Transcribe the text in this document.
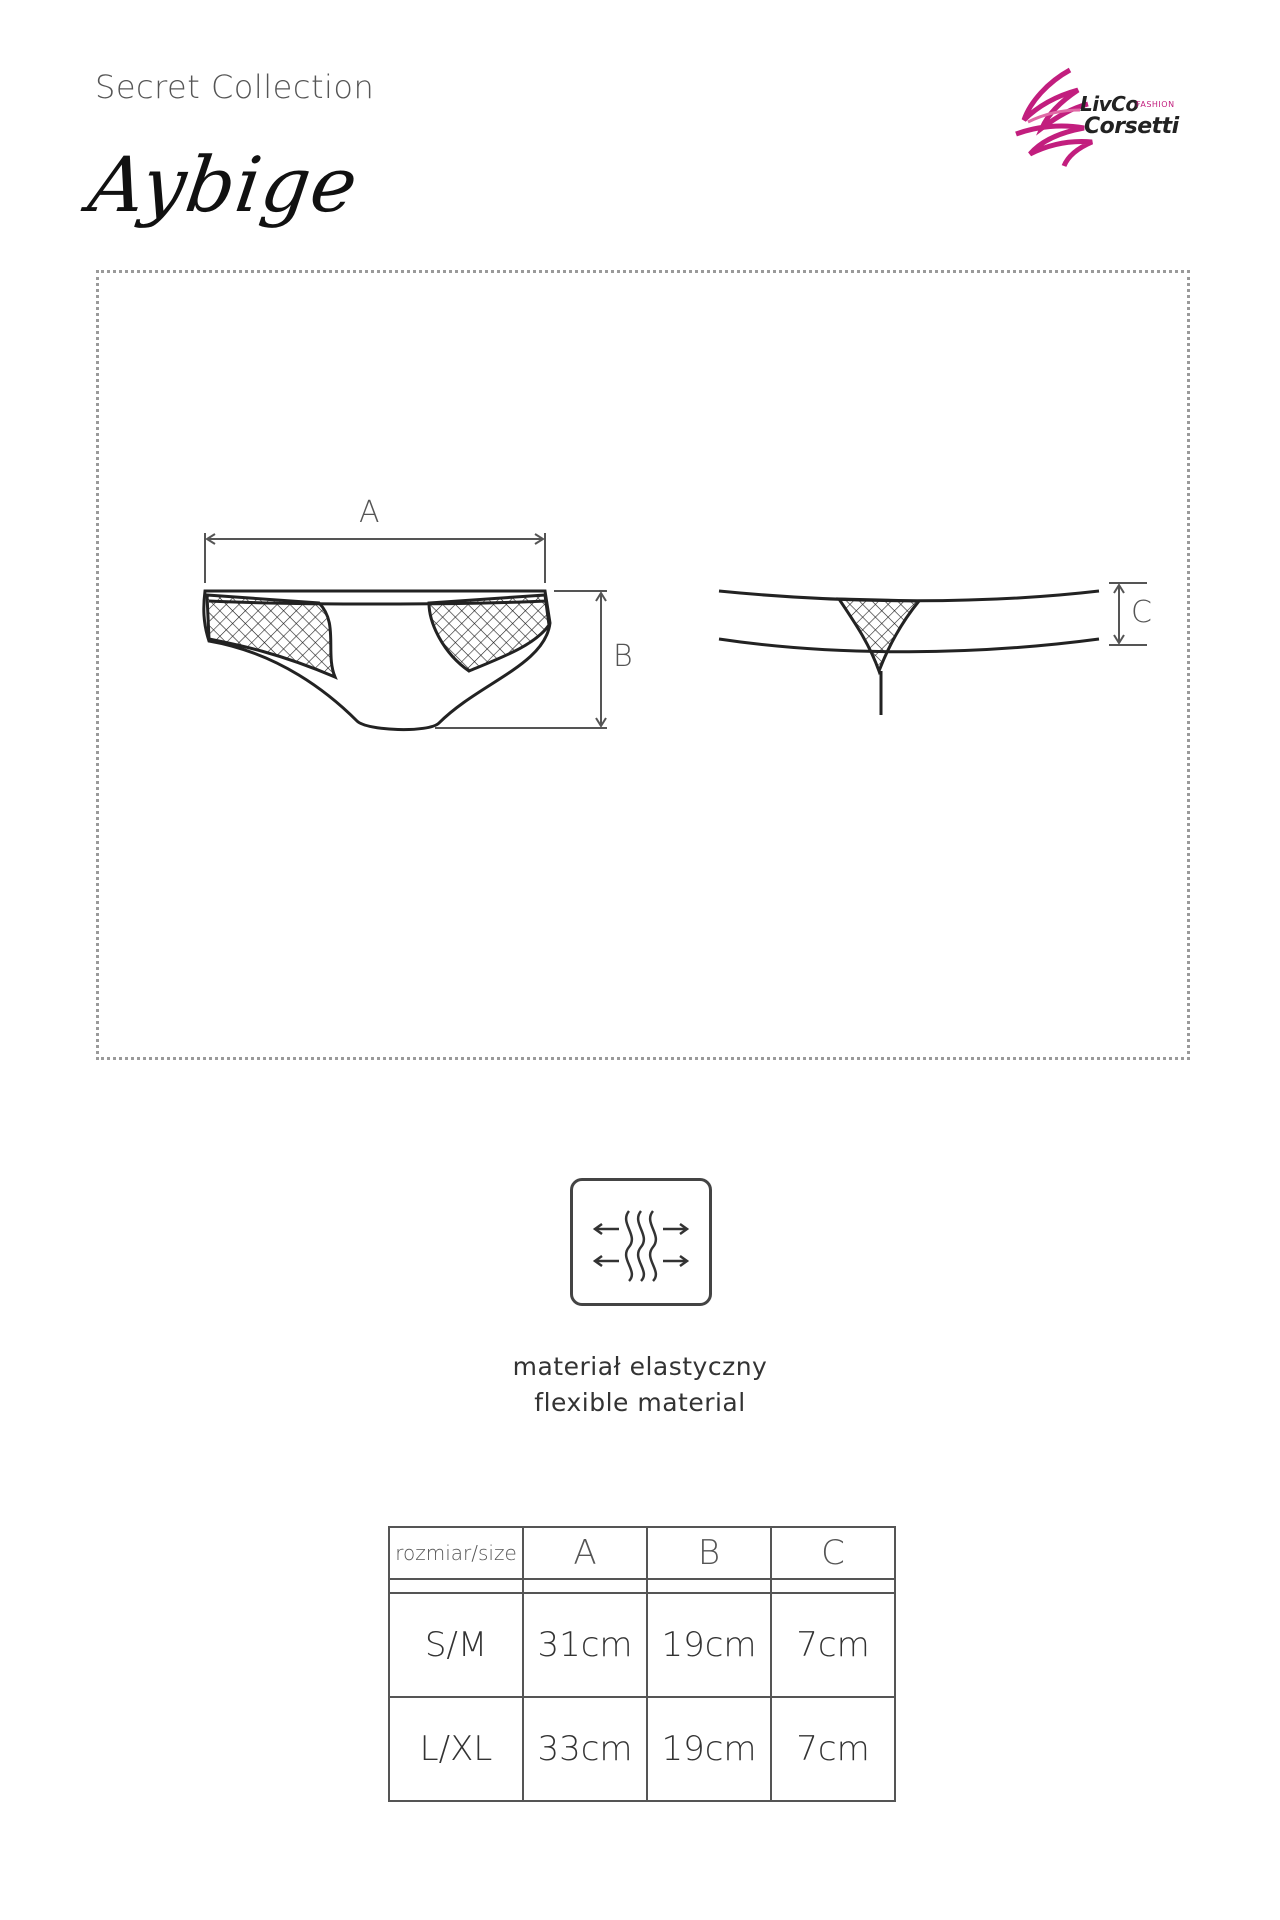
Secret Collection
Aybige
LivCo
FASHION
Corsetti
A
B
C
materiał elastyczny
flexible material
rozmiar/size	A	B	C

S/M	31cm	19cm	7cm
L/XL	33cm	19cm	7cm
